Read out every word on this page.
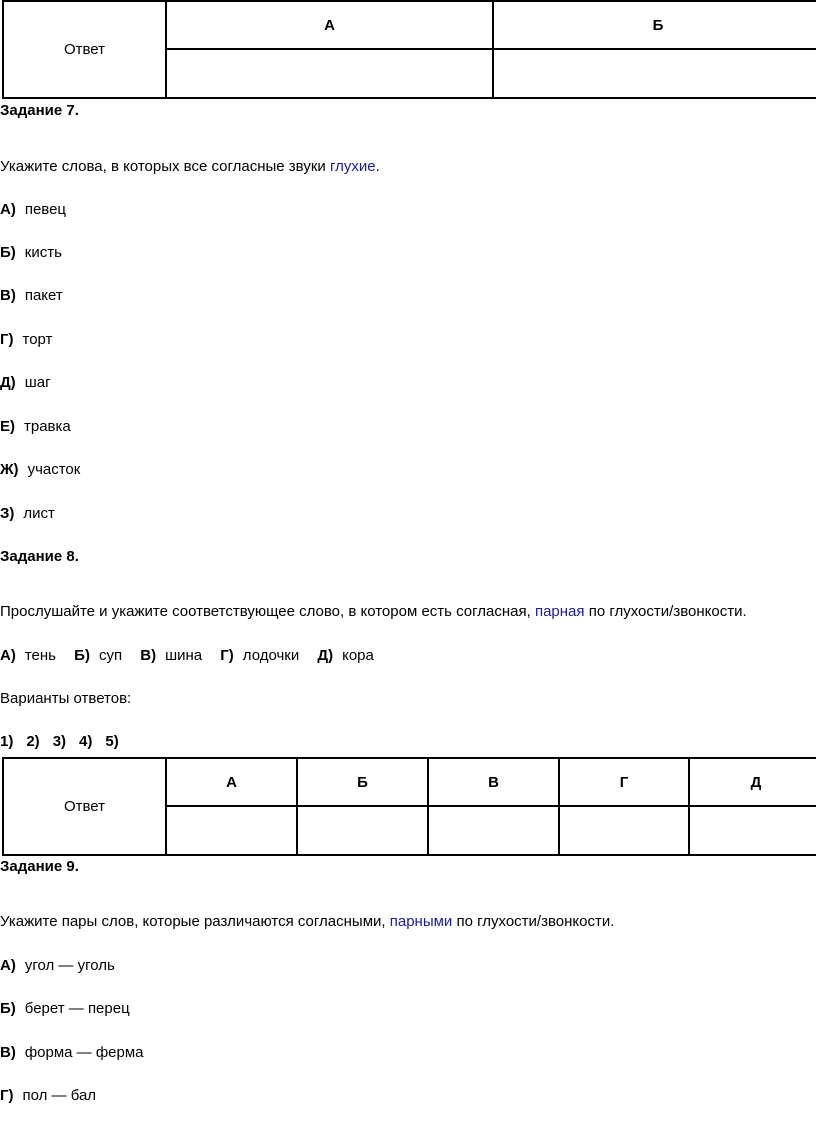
Ответ	А	Б

Задание 7.
Укажите слова, в которых все согласные звуки глухие.
А) певец
Б) кисть
В) пакет
Г) торт
Д) шаг
Е) травка
Ж) участок
З) лист
Задание 8.
Прослушайте и укажите соответствующее слово, в котором есть согласная, парная по глухости/звонкости.
А) тень Б) суп В) шина Г) лодочки Д) кора
Варианты ответов:
1) 2) 3) 4) 5)
Ответ	А	Б	В	Г	Д

Задание 9.
Укажите пары слов, которые различаются согласными, парными по глухости/звонкости.
А) угол — уголь
Б) берет — перец
В) форма — ферма
Г) пол — бал
